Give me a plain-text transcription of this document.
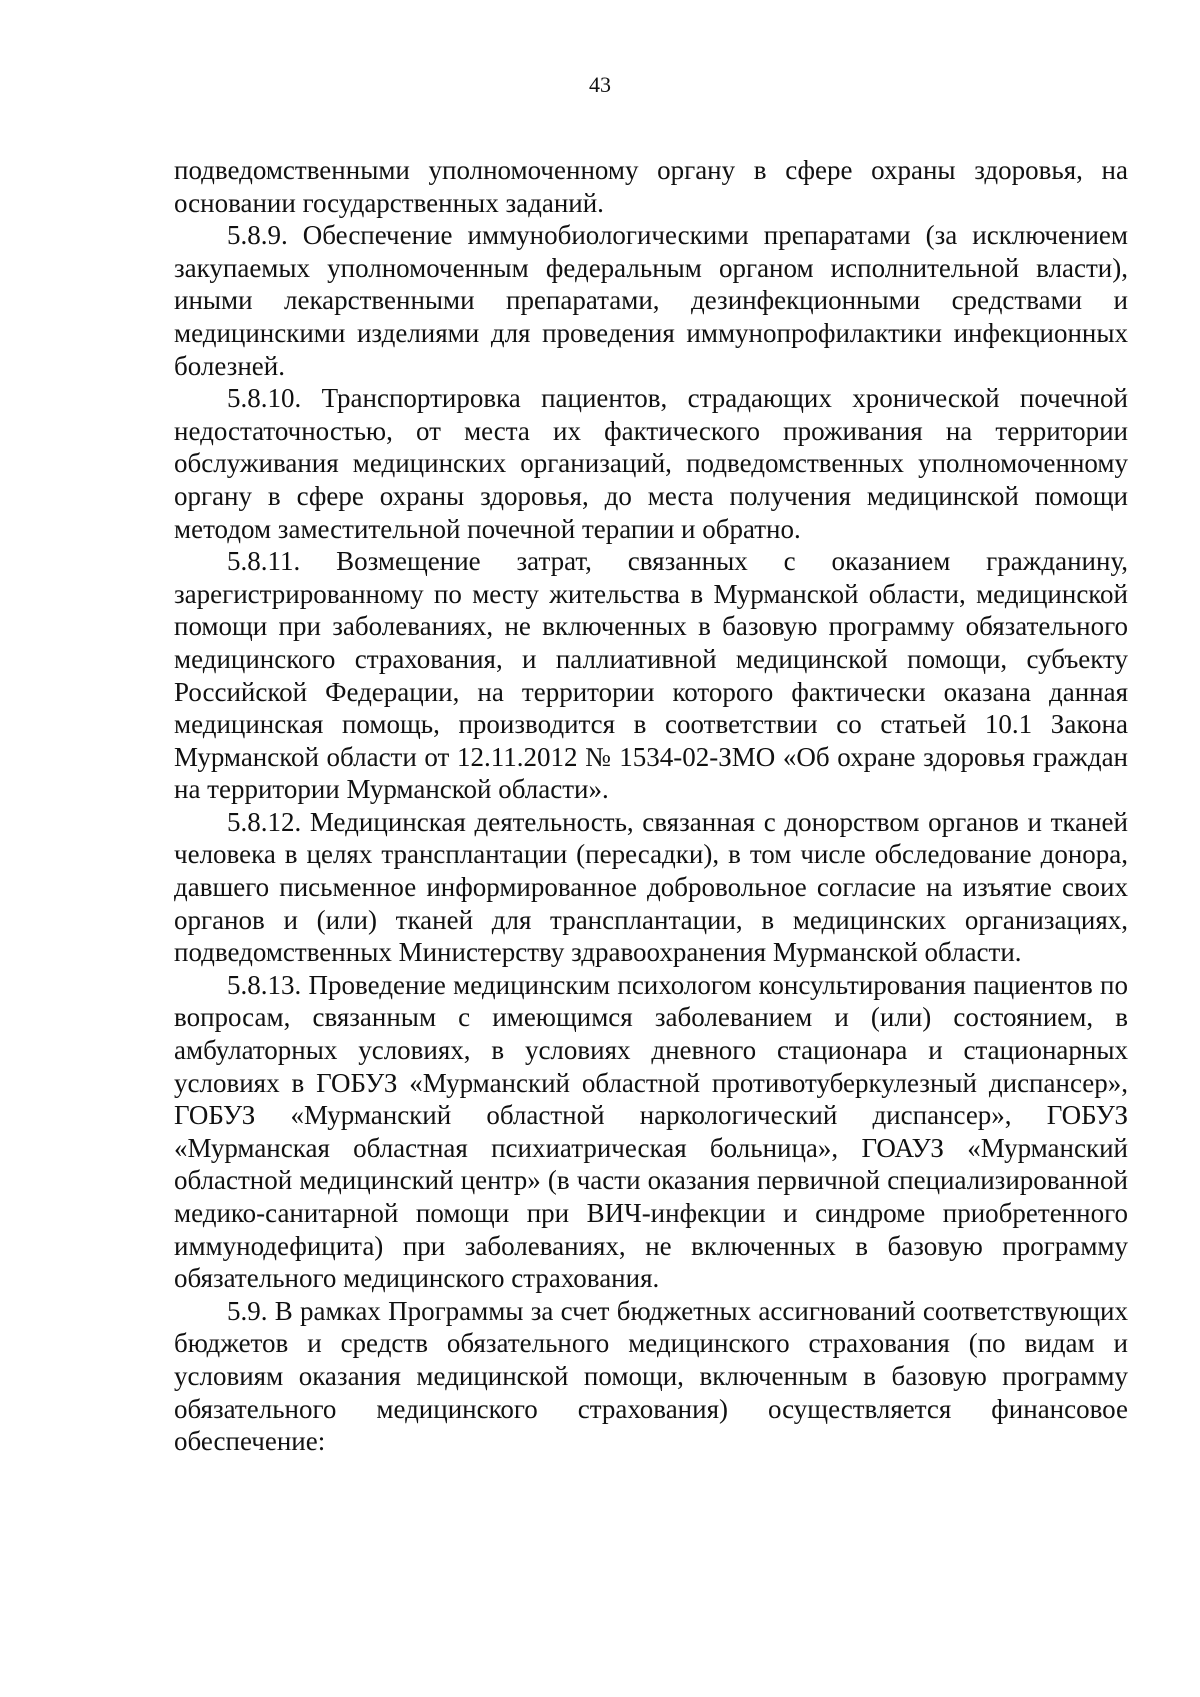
43

подведомственными уполномоченному органу в сфере охраны здоровья, на основании государственных заданий.

5.8.9. Обеспечение иммунобиологическими препаратами (за исключением закупаемых уполномоченным федеральным органом исполнительной власти), иными лекарственными препаратами, дезинфекционными средствами и медицинскими изделиями для проведения иммунопрофилактики инфекционных болезней.

5.8.10. Транспортировка пациентов, страдающих хронической почечной недостаточностью, от места их фактического проживания на территории обслуживания медицинских организаций, подведомственных уполномоченному органу в сфере охраны здоровья, до места получения медицинской помощи методом заместительной почечной терапии и обратно.

5.8.11. Возмещение затрат, связанных с оказанием гражданину, зарегистрированному по месту жительства в Мурманской области, медицинской помощи при заболеваниях, не включенных в базовую программу обязательного медицинского страхования, и паллиативной медицинской помощи, субъекту Российской Федерации, на территории которого фактически оказана данная медицинская помощь, производится в соответствии со статьей 10.1 Закона Мурманской области от 12.11.2012 № 1534-02-ЗМО «Об охране здоровья граждан на территории Мурманской области».

5.8.12. Медицинская деятельность, связанная с донорством органов и тканей человека в целях трансплантации (пересадки), в том числе обследование донора, давшего письменное информированное добровольное согласие на изъятие своих органов и (или) тканей для трансплантации, в медицинских организациях, подведомственных Министерству здравоохранения Мурманской области.

5.8.13. Проведение медицинским психологом консультирования пациентов по вопросам, связанным с имеющимся заболеванием и (или) состоянием, в амбулаторных условиях, в условиях дневного стационара и стационарных условиях в ГОБУЗ «Мурманский областной противотуберкулезный диспансер», ГОБУЗ «Мурманский областной наркологический диспансер», ГОБУЗ «Мурманская областная психиатрическая больница», ГОАУЗ «Мурманский областной медицинский центр» (в части оказания первичной специализированной медико-санитарной помощи при ВИЧ-инфекции и синдроме приобретенного иммунодефицита) при заболеваниях, не включенных в базовую программу обязательного медицинского страхования.

5.9. В рамках Программы за счет бюджетных ассигнований соответствующих бюджетов и средств обязательного медицинского страхования (по видам и условиям оказания медицинской помощи, включенным в базовую программу обязательного медицинского страхования) осуществляется финансовое обеспечение:
